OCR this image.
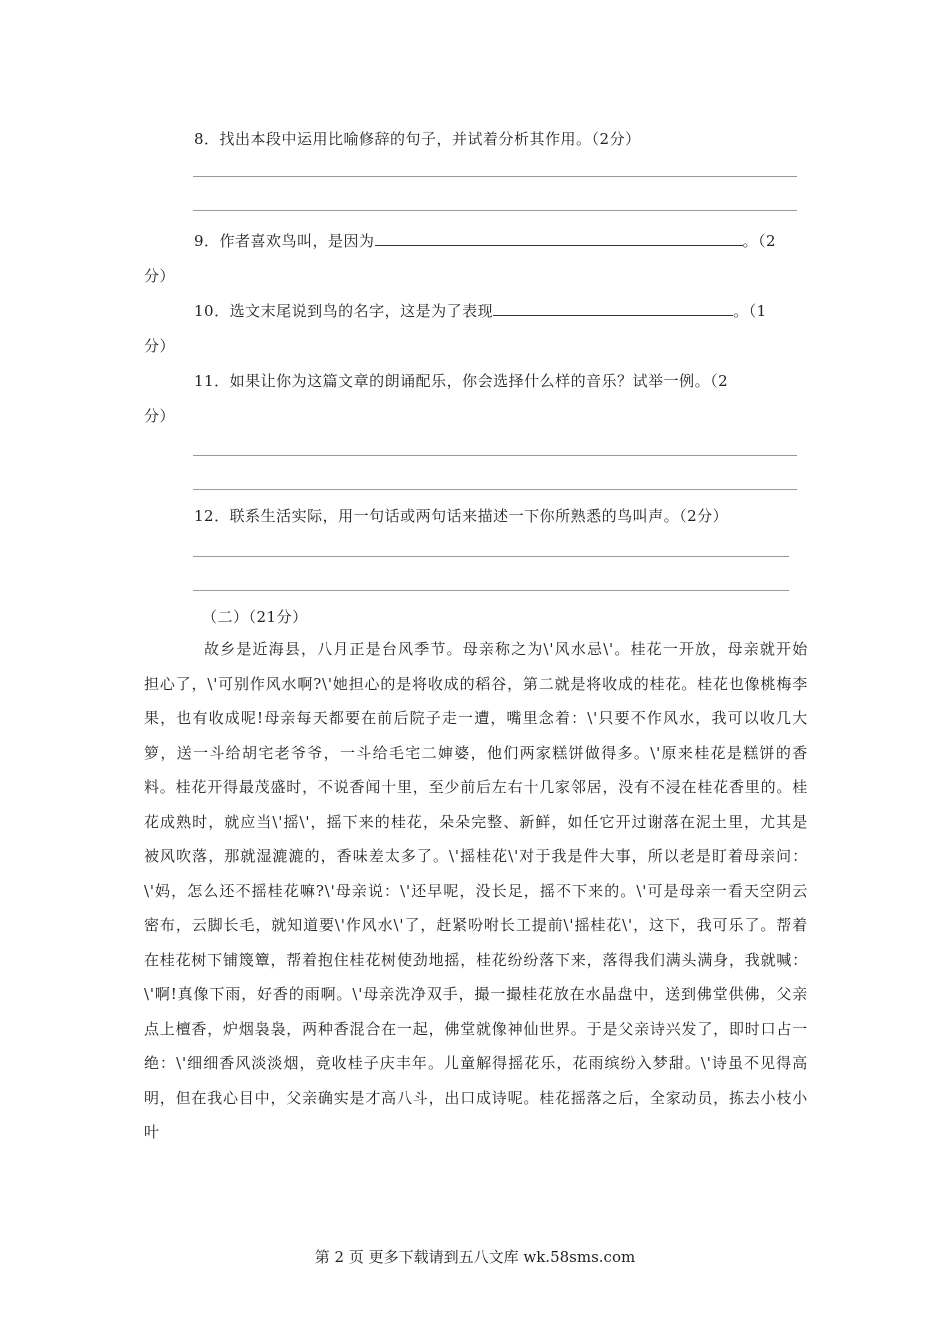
8．找出本段中运用比喻修辞的句子，并试着分析其作用。（2分）
9．作者喜欢鸟叫，是因为	。（2
分）
10．选文末尾说到鸟的名字，这是为了表现	。（1
分）
11．如果让你为这篇文章的朗诵配乐，你会选择什么样的音乐？试举一例。（2
分）
12．联系生活实际，用一句话或两句话来描述一下你所熟悉的鸟叫声。（2分）
（二）（21分）
故乡是近海县，八月正是台风季节。母亲称之为\'风水忌\'。桂花一开放，母亲就开始担心了，\'可别作风水啊?\'她担心的是将收成的稻谷，第二就是将收成的桂花。桂花也像桃梅李果，也有收成呢!母亲每天都要在前后院子走一遭，嘴里念着：\'只要不作风水，我可以收几大箩，送一斗给胡宅老爷爷，一斗给毛宅二婶婆，他们两家糕饼做得多。\'原来桂花是糕饼的香料。桂花开得最茂盛时，不说香闻十里，至少前后左右十几家邻居，没有不浸在桂花香里的。桂花成熟时，就应当\'摇\'，摇下来的桂花，朵朵完整、新鲜，如任它开过谢落在泥土里，尤其是被风吹落，那就湿漉漉的，香味差太多了。\'摇桂花\'对于我是件大事，所以老是盯着母亲问：\'妈，怎么还不摇桂花嘛?\'母亲说：\'还早呢，没长足，摇不下来的。\'可是母亲一看天空阴云密布，云脚长毛，就知道要\'作风水\'了，赶紧吩咐长工提前\'摇桂花\'，这下，我可乐了。帮着在桂花树下铺篾簟，帮着抱住桂花树使劲地摇，桂花纷纷落下来，落得我们满头满身，我就喊：\'啊!真像下雨，好香的雨啊。\'母亲洗净双手，撮一撮桂花放在水晶盘中，送到佛堂供佛，父亲点上檀香，炉烟袅袅，两种香混合在一起，佛堂就像神仙世界。于是父亲诗兴发了，即时口占一绝：\'细细香风淡淡烟，竟收桂子庆丰年。儿童解得摇花乐，花雨缤纷入梦甜。\'诗虽不见得高明，但在我心目中，父亲确实是才高八斗，出口成诗呢。桂花摇落之后，全家动员，拣去小枝小叶
第 2 页 更多下载请到五八文库 wk.58sms.com
